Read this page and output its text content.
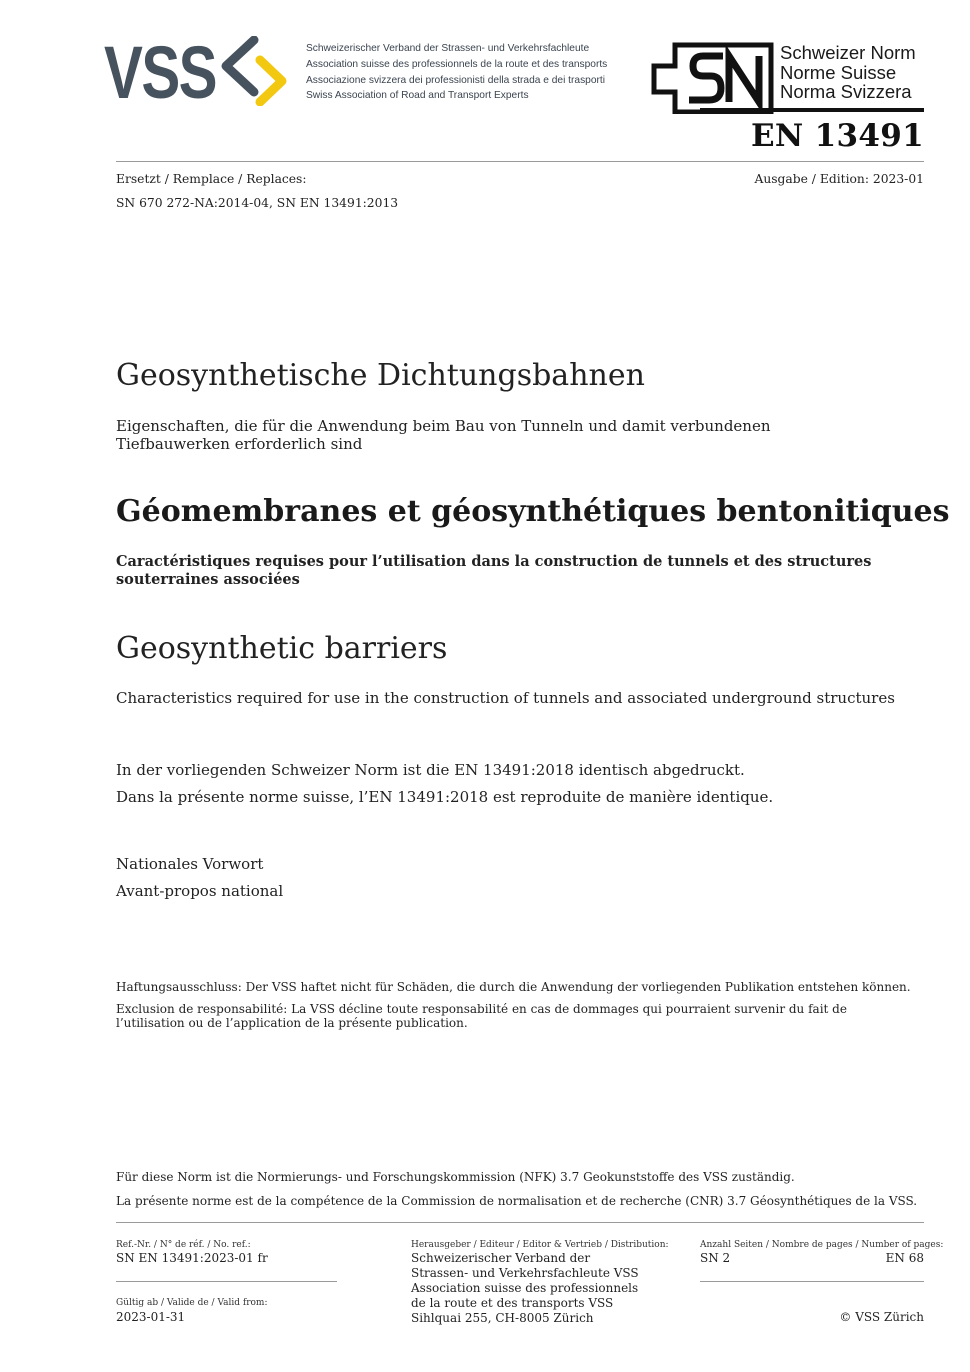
VSS	Schweizerischer Verband der Strassen- und Verkehrsfachleute
Association suisse des professionnels de la route et des transports
Associazione svizzera dei professionisti della strada e dei trasporti
Swiss Association of Road and Transport Experts
Schweizer Norm
Norme Suisse
Norma Svizzera
EN 13491
Ersetzt / Remplace / Replaces:
SN 670 272-NA:2014-04, SN EN 13491:2013
Ausgabe / Edition: 2023-01
Geosynthetische Dichtungsbahnen
Eigenschaften, die für die Anwendung beim Bau von Tunneln und damit verbundenen Tiefbauwerken erforderlich sind
Géomembranes et géosynthétiques bentonitiques
Caractéristiques requises pour l’utilisation dans la construction de tunnels et des structures souterraines associées
Geosynthetic barriers
Characteristics required for use in the construction of tunnels and associated underground structures
In der vorliegenden Schweizer Norm ist die EN 13491:2018 identisch abgedruckt.
Dans la présente norme suisse, l’EN 13491:2018 est reproduite de manière identique.
Nationales Vorwort
Avant-propos national
Haftungsausschluss: Der VSS haftet nicht für Schäden, die durch die Anwendung der vorliegenden Publikation entstehen können.
Exclusion de responsabilité: La VSS décline toute responsabilité en cas de dommages qui pourraient survenir du fait de l’utilisation ou de l’application de la présente publication.
Für diese Norm ist die Normierungs- und Forschungskommission (NFK) 3.7 Geokunststoffe des VSS zuständig.
La présente norme est de la compétence de la Commission de normalisation et de recherche (CNR) 3.7 Géosynthétiques de la VSS.
Ref.-Nr. / N° de réf. / No. ref.:
SN EN 13491:2023-01 fr
Gültig ab / Valide de / Valid from:
2023-01-31
Herausgeber / Editeur / Editor & Vertrieb / Distribution:
Schweizerischer Verband der
Strassen- und Verkehrsfachleute VSS
Association suisse des professionnels
de la route et des transports VSS
Sihlquai 255, CH-8005 Zürich
Anzahl Seiten / Nombre de pages / Number of pages:
SN 2	EN 68
© VSS Zürich
